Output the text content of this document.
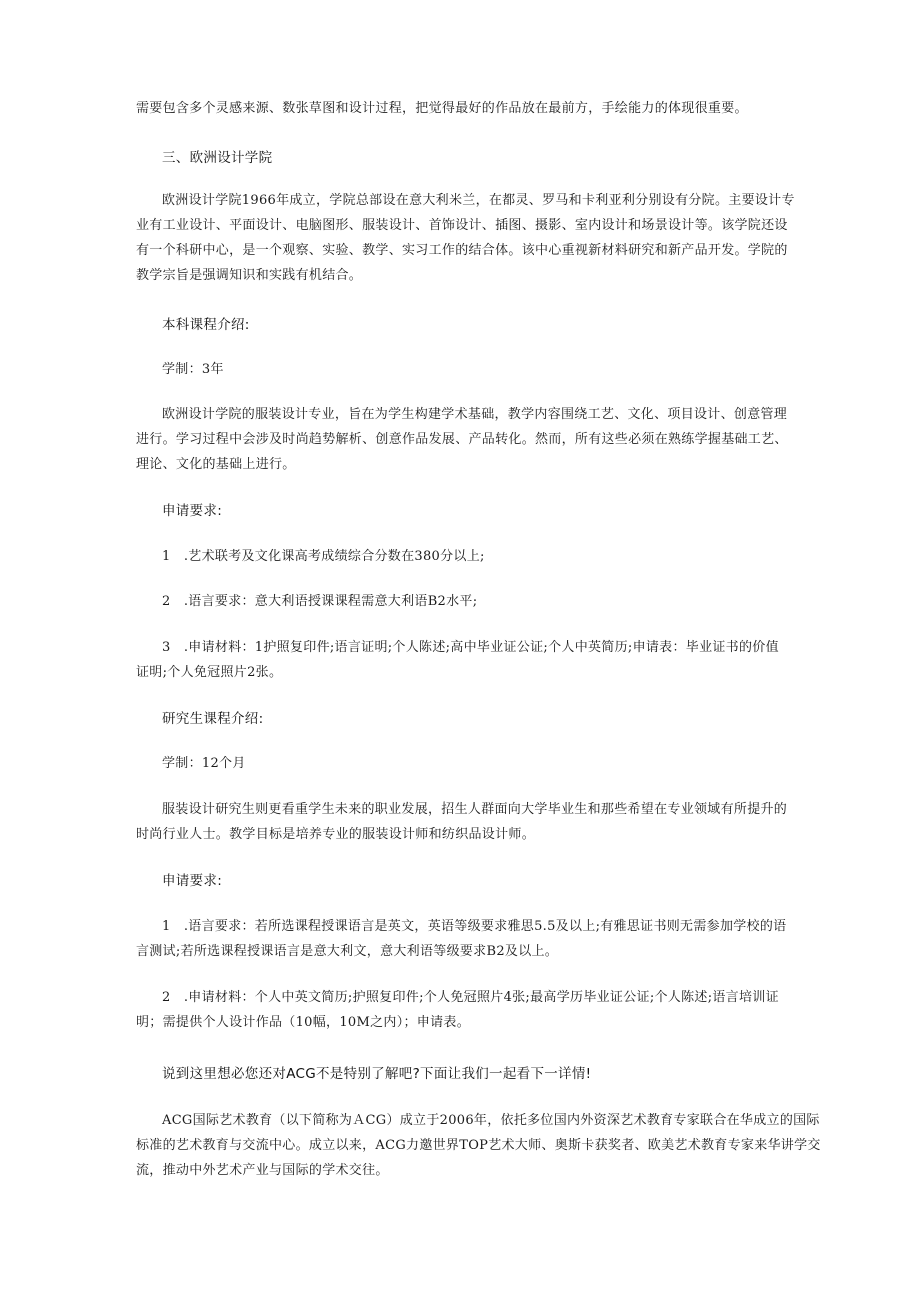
需要包含多个灵感来源、数张草图和设计过程，把觉得最好的作品放在最前方，手绘能力的体现很重要。
三、欧洲设计学院
欧洲设计学院1966年成立，学院总部设在意大利米兰，在都灵、罗马和卡利亚利分别设有分院。主要设计专
业有工业设计、平面设计、电脑图形、服装设计、首饰设计、插图、摄影、室内设计和场景设计等。该学院还设
有一个科研中心，是一个观察、实验、教学、实习工作的结合体。该中心重视新材料研究和新产品开发。学院的
教学宗旨是强调知识和实践有机结合。
本科课程介绍:
学制：3年
欧洲设计学院的服装设计专业，旨在为学生构建学术基础，教学内容围绕工艺、文化、项目设计、创意管理
进行。学习过程中会涉及时尚趋势解析、创意作品发展、产品转化。然而，所有这些必须在熟练学握基础工艺、
理论、文化的基础上进行。
申请要求:
1　.艺术联考及文化课高考成绩综合分数在380分以上;
2　.语言要求：意大利语授课课程需意大利语B2水平;
3　.申请材料：1护照复印件;语言证明;个人陈述;高中毕业证公证;个人中英简历;申请表：毕业证书的价值
证明;个人免冠照片2张。
研究生课程介绍:
学制：12个月
服装设计研究生则更看重学生未来的职业发展，招生人群面向大学毕业生和那些希望在专业领域有所提升的
时尚行业人士。教学目标是培养专业的服装设计师和纺织品设计师。
申请要求:
1　.语言要求：若所选课程授课语言是英文，英语等级要求雅思5.5及以上;有雅思证书则无需参加学校的语
言测试;若所选课程授课语言是意大利文，意大利语等级要求B2及以上。
2　.申请材料：个人中英文简历;护照复印件;个人免冠照片4张;最高学历毕业证公证;个人陈述;语言培训证
明；需提供个人设计作品（10幅，10M之内）；申请表。
说到这里想必您还对ACG不是特别了解吧?下面让我们一起看下一详情!
ACG国际艺术教育（以下简称为ＡCG）成立于2006年，依托多位国内外资深艺术教育专家联合在华成立的国际
标准的艺术教育与交流中心。成立以来，ACG力邀世界TOP艺术大师、奥斯卡获奖者、欧美艺术教育专家来华讲学交
流，推动中外艺术产业与国际的学术交往。
